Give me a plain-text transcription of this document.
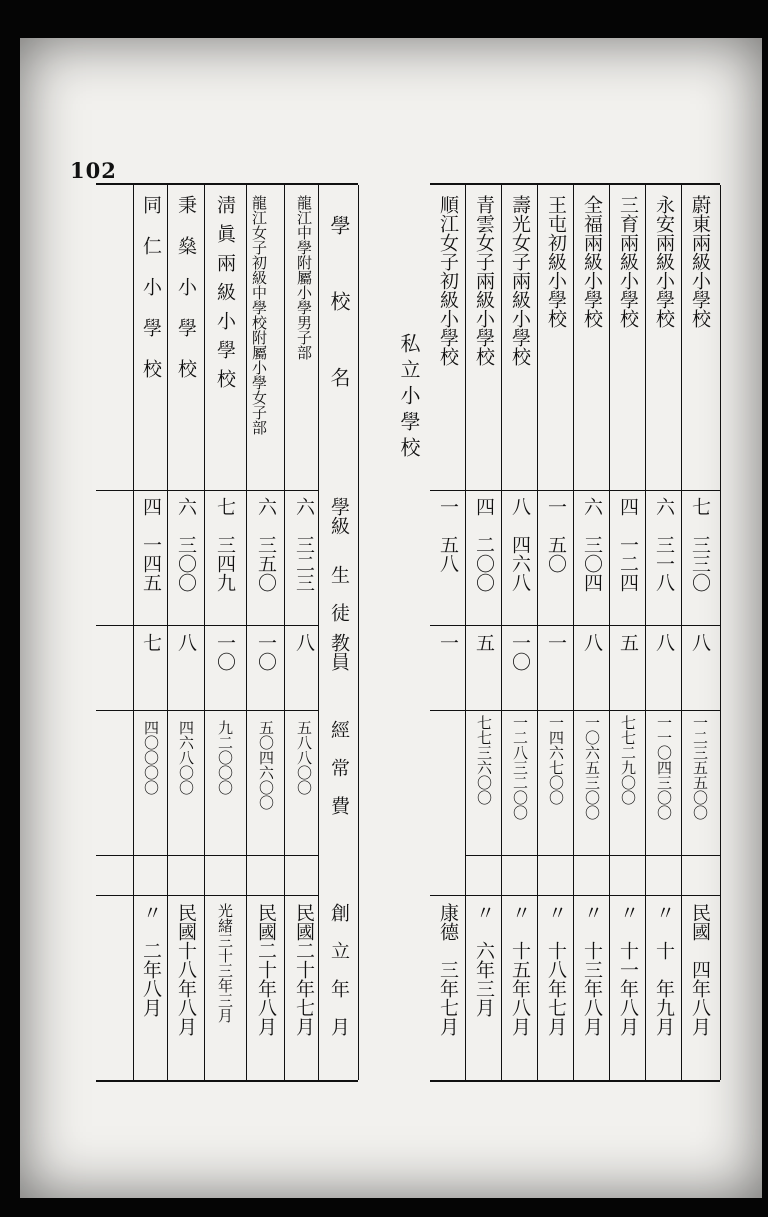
102
私立小學校
蔚東兩級小學校
七
三三〇
八
一二三五五〇〇
民國　四年八月
永安兩級小學校
六
三一八
八
一一〇四三〇〇
〃　十　年九月
三育兩級小學校
四
一二四
五
七七二九〇〇
〃　十一年八月
全福兩級小學校
六
三〇四
八
一〇六五三〇〇
〃　十三年八月
王屯初級小學校
一
五〇
一
一四六七〇〇
〃　十八年七月
壽光女子兩級小學校
八
四六八
一〇
一二八三二〇〇
〃　十五年八月
青雲女子兩級小學校
四
二〇〇
五
七七三六〇〇
〃　六年三月
順江女子初級小學校
一
五八
一
康德　三年七月
學　校　名
學級
生　徒
教員
經　常　費
創　立　年　月
龍江中學附屬小學男子部
六
三二三
八
五八八〇〇
民國二十年七月
龍江女子初級中學校附屬小學女子部
六
三五〇
一〇
五〇四六〇〇
民國二十年八月
淸眞兩級小學校
七
三四九
一〇
九二〇〇〇
光緒三十三年三月
秉燊小學校
六
三〇〇
八
四六八〇〇
民國十八年八月
同仁小學校
四
一四五
七
四〇〇〇〇
〃　二年八月
